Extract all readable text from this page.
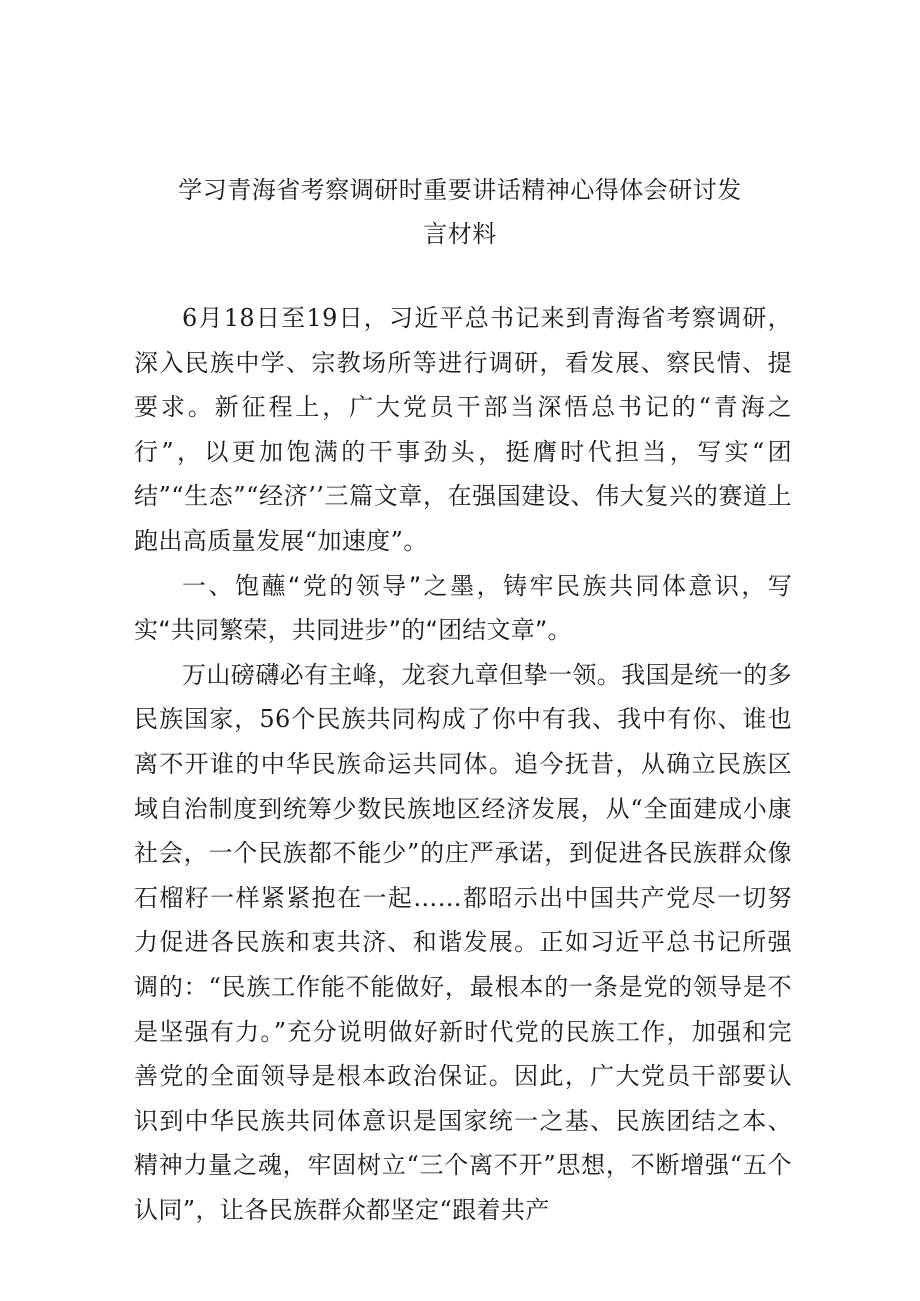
学习青海省考察调研时重要讲话精神心得体会研讨发
言材料

6月18日至19日，习近平总书记来到青海省考察调研，深入民族中学、宗教场所等进行调研，看发展、察民情、提要求。新征程上，广大党员干部当深悟总书记的“青海之行”，以更加饱满的干事劲头，挺膺时代担当，写实“团结”“生态”“经济’’三篇文章，在强国建设、伟大复兴的赛道上跑出高质量发展“加速度”。

一、饱蘸“党的领导”之墨，铸牢民族共同体意识，写实“共同繁荣，共同进步”的“团结文章”。

万山磅礴必有主峰，龙衮九章但挚一领。我国是统一的多民族国家，56个民族共同构成了你中有我、我中有你、谁也离不开谁的中华民族命运共同体。追今抚昔，从确立民族区域自治制度到统筹少数民族地区经济发展，从“全面建成小康社会，一个民族都不能少”的庄严承诺，到促进各民族群众像石榴籽一样紧紧抱在一起……都昭示出中国共产党尽一切努力促进各民族和衷共济、和谐发展。正如习近平总书记所强调的：“民族工作能不能做好，最根本的一条是党的领导是不是坚强有力。”充分说明做好新时代党的民族工作，加强和完善党的全面领导是根本政治保证。因此，广大党员干部要认识到中华民族共同体意识是国家统一之基、民族团结之本、精神力量之魂，牢固树立“三个离不开”思想，不断增强“五个认同”，让各民族群众都坚定“跟着共产
